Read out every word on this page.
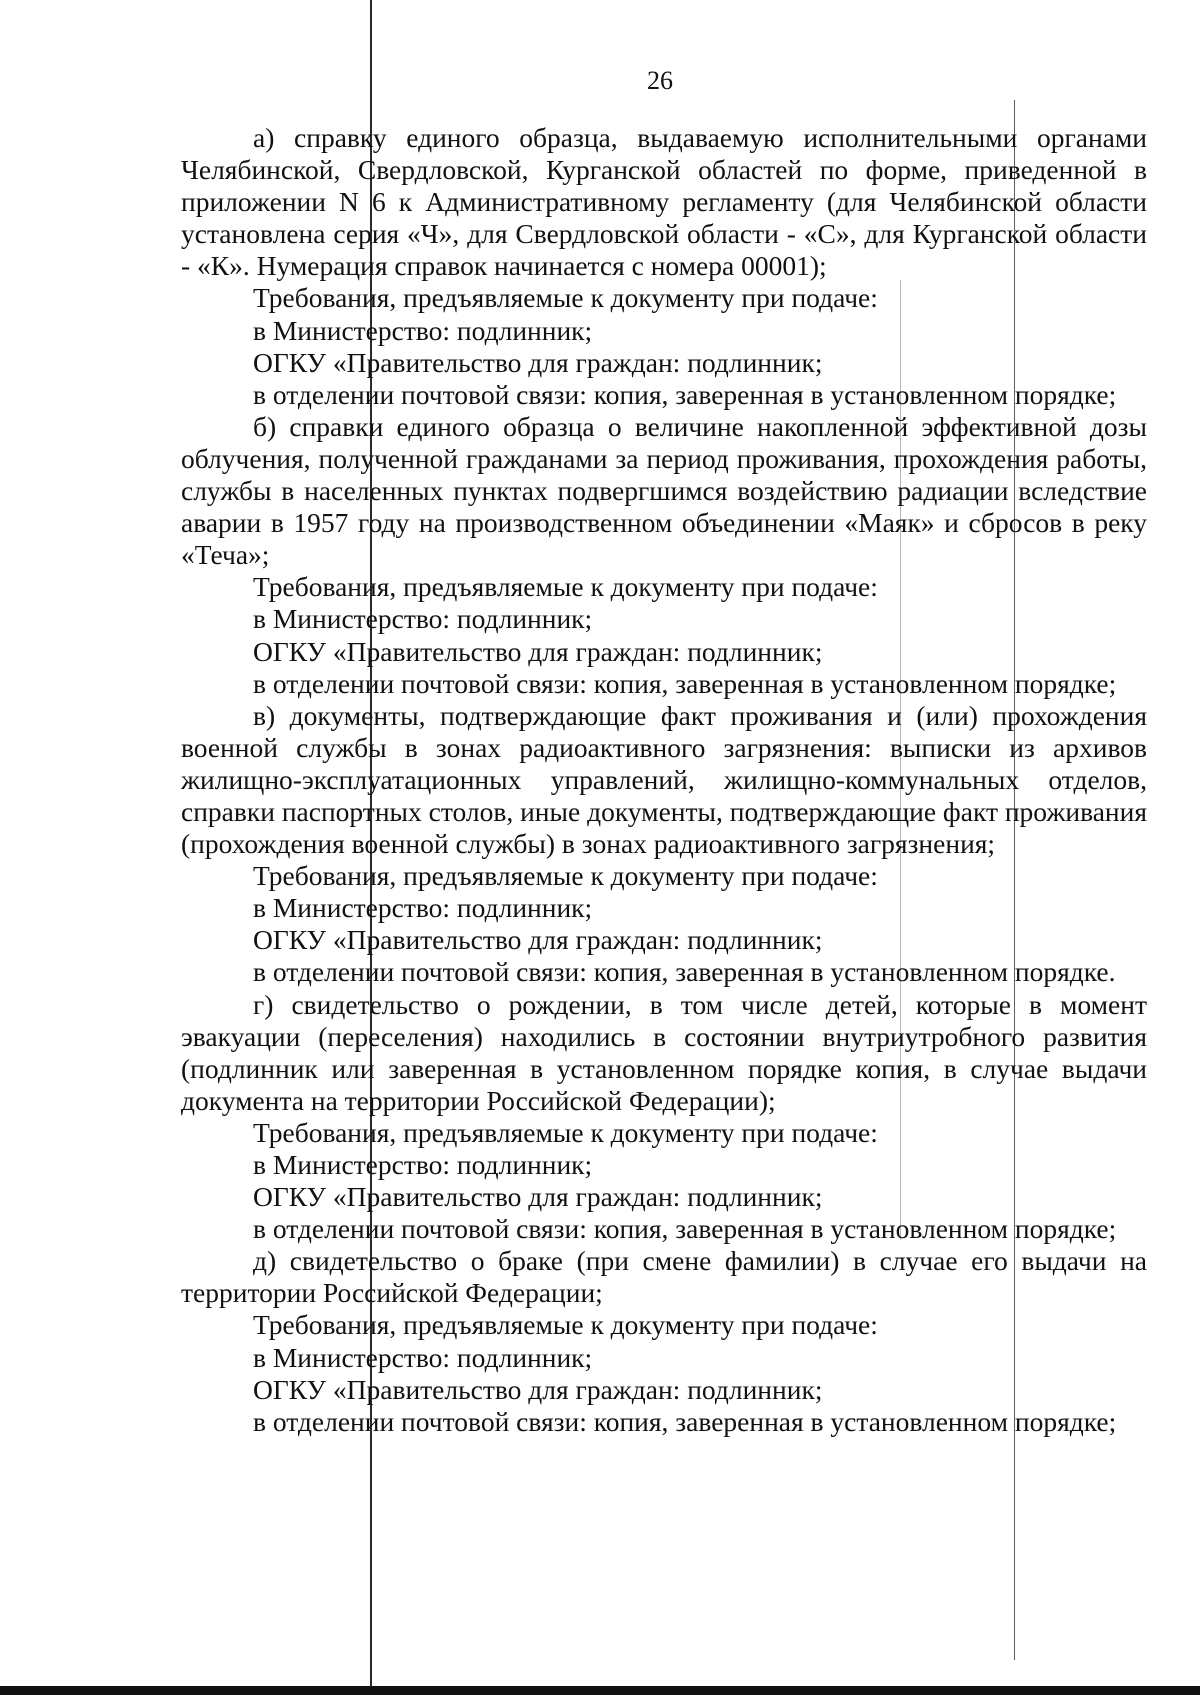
26

а) справку единого образца, выдаваемую исполнительными органами Челябинской, Свердловской, Курганской областей по форме, приведенной в приложении N 6 к Административному регламенту (для Челябинской области установлена серия «Ч», для Свердловской области - «С», для Курганской области - «К». Нумерация справок начинается с номера 00001);

Требования, предъявляемые к документу при подаче:

в Министерство: подлинник;

ОГКУ «Правительство для граждан: подлинник;

в отделении почтовой связи: копия, заверенная в установленном порядке;

б) справки единого образца о величине накопленной эффективной дозы облучения, полученной гражданами за период проживания, прохождения работы, службы в населенных пунктах подвергшимся воздействию радиации вследствие аварии в 1957 году на производственном объединении «Маяк» и сбросов в реку «Теча»;

Требования, предъявляемые к документу при подаче:

в Министерство: подлинник;

ОГКУ «Правительство для граждан: подлинник;

в отделении почтовой связи: копия, заверенная в установленном порядке;

в) документы, подтверждающие факт проживания и (или) прохождения военной службы в зонах радиоактивного загрязнения: выписки из архивов жилищно-эксплуатационных управлений, жилищно-коммунальных отделов, справки паспортных столов, иные документы, подтверждающие факт проживания (прохождения военной службы) в зонах радиоактивного загрязнения;

Требования, предъявляемые к документу при подаче:

в Министерство: подлинник;

ОГКУ «Правительство для граждан: подлинник;

в отделении почтовой связи: копия, заверенная в установленном порядке.

г) свидетельство о рождении, в том числе детей, которые в момент эвакуации (переселения) находились в состоянии внутриутробного развития (подлинник или заверенная в установленном порядке копия, в случае выдачи документа на территории Российской Федерации);

Требования, предъявляемые к документу при подаче:

в Министерство: подлинник;

ОГКУ «Правительство для граждан: подлинник;

в отделении почтовой связи: копия, заверенная в установленном порядке;

д) свидетельство о браке (при смене фамилии) в случае его выдачи на территории Российской Федерации;

Требования, предъявляемые к документу при подаче:

в Министерство: подлинник;

ОГКУ «Правительство для граждан: подлинник;

в отделении почтовой связи: копия, заверенная в установленном порядке;
